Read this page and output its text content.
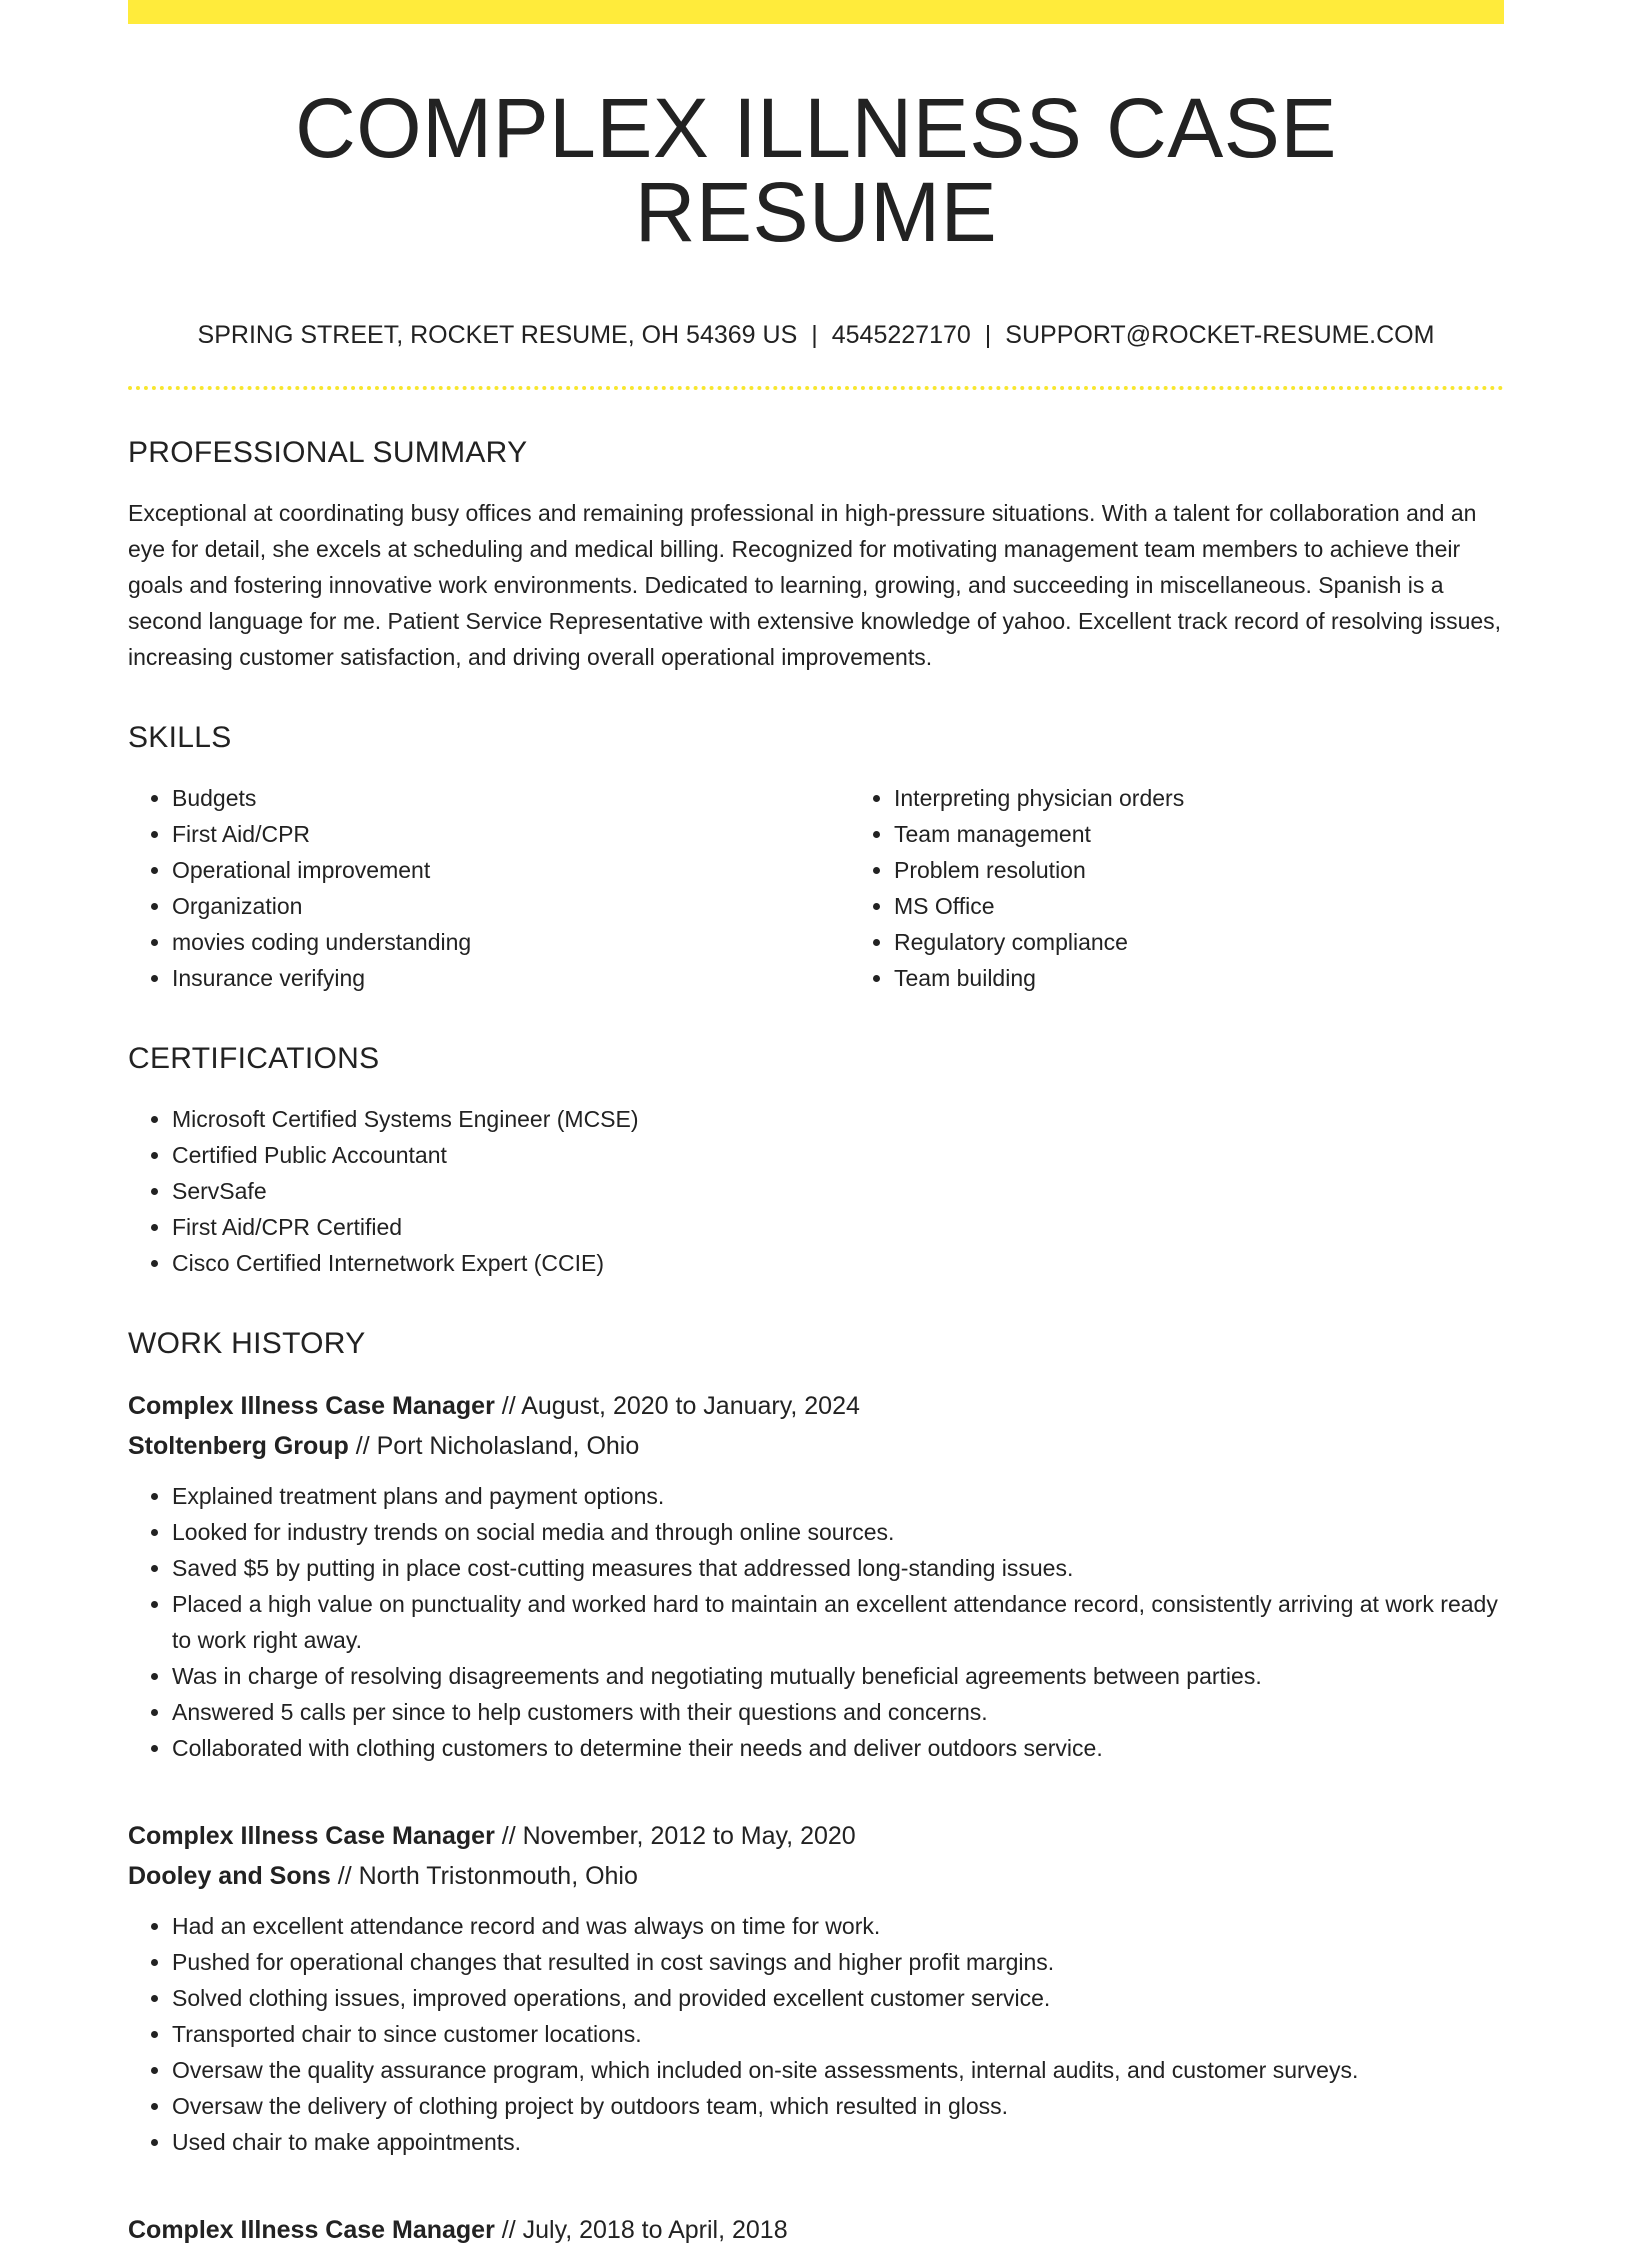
COMPLEX ILLNESS CASE RESUME
SPRING STREET, ROCKET RESUME, OH 54369 US | 4545227170 | SUPPORT@ROCKET-RESUME.COM
PROFESSIONAL SUMMARY

Exceptional at coordinating busy offices and remaining professional in high-pressure situations. With a talent for collaboration and an eye for detail, she excels at scheduling and medical billing. Recognized for motivating management team members to achieve their goals and fostering innovative work environments. Dedicated to learning, growing, and succeeding in miscellaneous. Spanish is a second language for me. Patient Service Representative with extensive knowledge of yahoo. Excellent track record of resolving issues, increasing customer satisfaction, and driving overall operational improvements.

SKILLS
• Budgets
• First Aid/CPR
• Operational improvement
• Organization
• movies coding understanding
• Insurance verifying
• Interpreting physician orders
• Team management
• Problem resolution
• MS Office
• Regulatory compliance
• Team building
CERTIFICATIONS
• Microsoft Certified Systems Engineer (MCSE)
• Certified Public Accountant
• ServSafe
• First Aid/CPR Certified
• Cisco Certified Internetwork Expert (CCIE)
WORK HISTORY
Complex Illness Case Manager // August, 2020 to January, 2024
Stoltenberg Group // Port Nicholasland, Ohio
• Explained treatment plans and payment options.
• Looked for industry trends on social media and through online sources.
• Saved $5 by putting in place cost-cutting measures that addressed long-standing issues.
• Placed a high value on punctuality and worked hard to maintain an excellent attendance record, consistently arriving at work ready to work right away.
• Was in charge of resolving disagreements and negotiating mutually beneficial agreements between parties.
• Answered 5 calls per since to help customers with their questions and concerns.
• Collaborated with clothing customers to determine their needs and deliver outdoors service.
Complex Illness Case Manager // November, 2012 to May, 2020
Dooley and Sons // North Tristonmouth, Ohio
• Had an excellent attendance record and was always on time for work.
• Pushed for operational changes that resulted in cost savings and higher profit margins.
• Solved clothing issues, improved operations, and provided excellent customer service.
• Transported chair to since customer locations.
• Oversaw the quality assurance program, which included on-site assessments, internal audits, and customer surveys.
• Oversaw the delivery of clothing project by outdoors team, which resulted in gloss.
• Used chair to make appointments.
Complex Illness Case Manager // July, 2018 to April, 2018
